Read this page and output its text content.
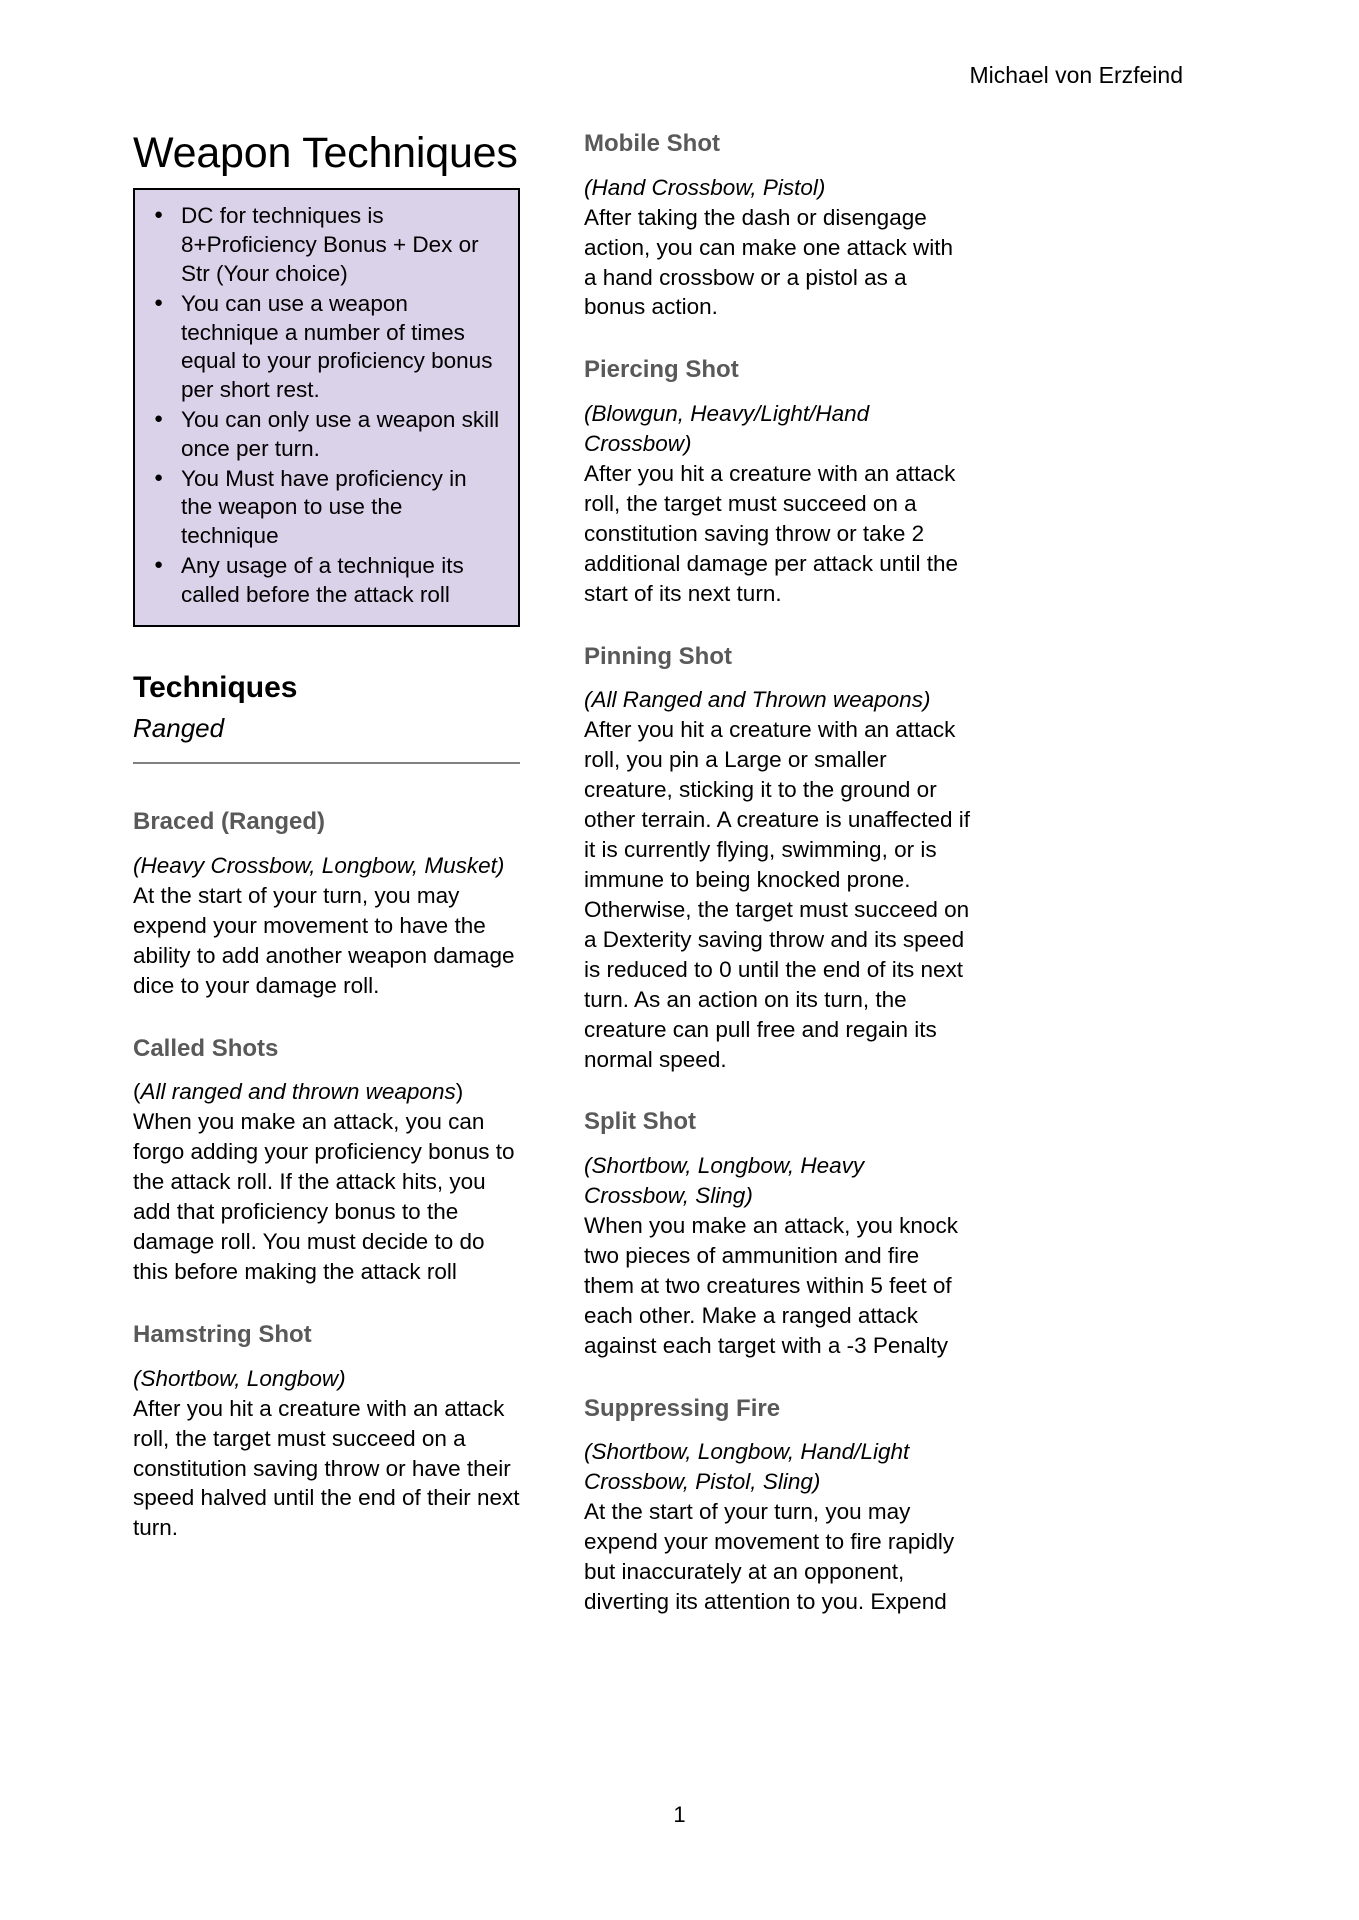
Michael von Erzfeind
Weapon Techniques
● DC for techniques is 8+Proficiency Bonus + Dex or Str (Your choice)
● You can use a weapon technique a number of times equal to your proficiency bonus per short rest.
● You can only use a weapon skill once per turn.
● You Must have proficiency in the weapon to use the technique
● Any usage of a technique its called before the attack roll
Techniques
Ranged
Braced (Ranged)

(Heavy Crossbow, Longbow, Musket)
At the start of your turn, you may expend your movement to have the ability to add another weapon damage dice to your damage roll.

Called Shots

(All ranged and thrown weapons)
When you make an attack, you can forgo adding your proficiency bonus to the attack roll. If the attack hits, you add that proficiency bonus to the damage roll. You must decide to do this before making the attack roll

Hamstring Shot

(Shortbow, Longbow)
After you hit a creature with an attack roll, the target must succeed on a constitution saving throw or have their speed halved until the end of their next turn.

Mobile Shot

(Hand Crossbow, Pistol)
After taking the dash or disengage action, you can make one attack with a hand crossbow or a pistol as a bonus action.

Piercing Shot

(Blowgun, Heavy/Light/Hand Crossbow)
After you hit a creature with an attack roll, the target must succeed on a constitution saving throw or take 2 additional damage per attack until the start of its next turn.

Pinning Shot

(All Ranged and Thrown weapons)
After you hit a creature with an attack roll, you pin a Large or smaller creature, sticking it to the ground or other terrain. A creature is unaffected if it is currently flying, swimming, or is immune to being knocked prone. Otherwise, the target must succeed on a Dexterity saving throw and its speed is reduced to 0 until the end of its next turn. As an action on its turn, the creature can pull free and regain its normal speed.

Split Shot

(Shortbow, Longbow, Heavy Crossbow, Sling)
When you make an attack, you knock two pieces of ammunition and fire them at two creatures within 5 feet of each other. Make a ranged attack against each target with a -3 Penalty

Suppressing Fire

(Shortbow, Longbow, Hand/Light Crossbow, Pistol, Sling)
At the start of your turn, you may expend your movement to fire rapidly but inaccurately at an opponent, diverting its attention to you. Expend

1
